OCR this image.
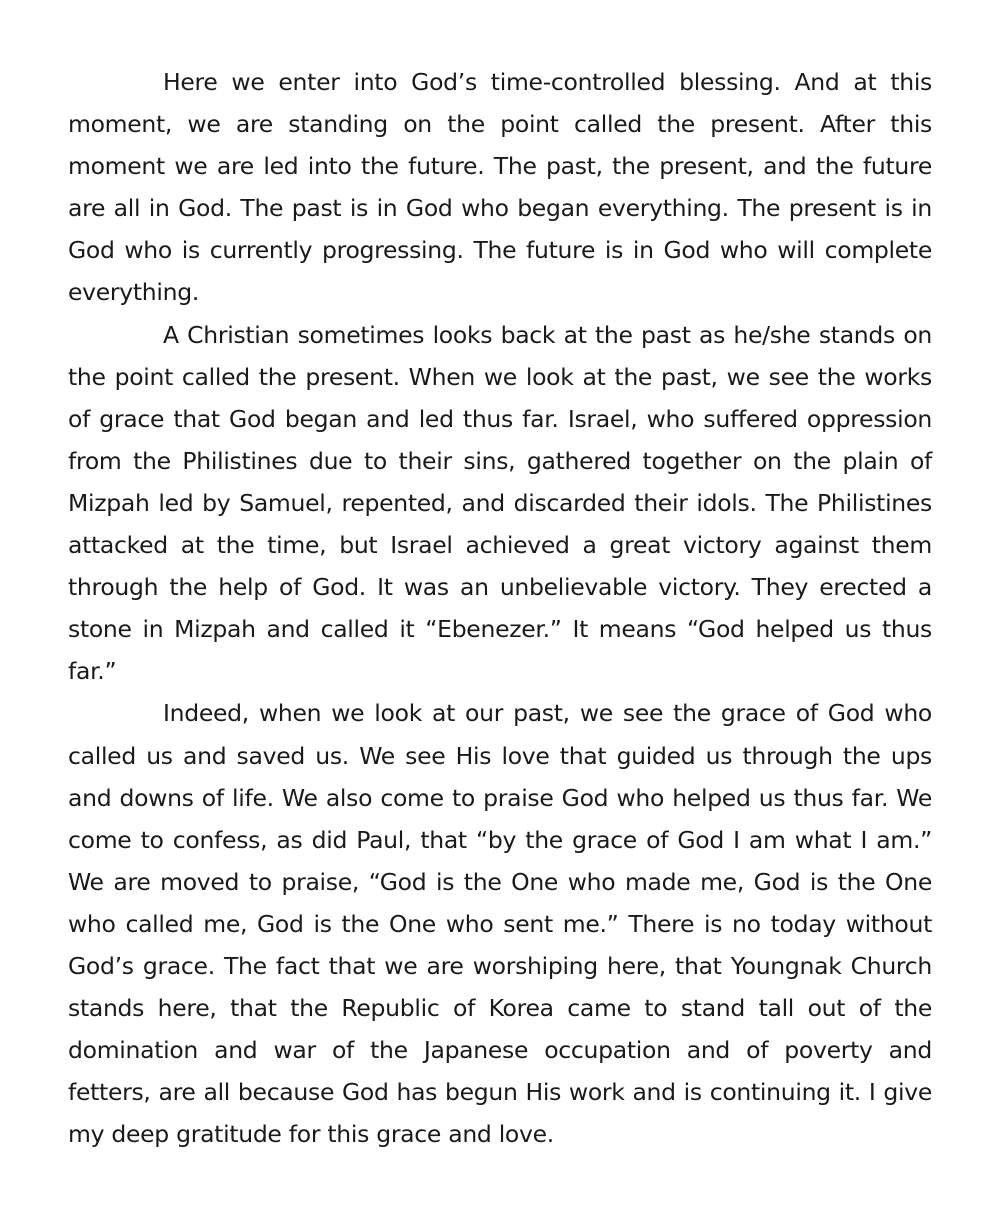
Here we enter into God’s time-controlled blessing. And at this moment, we are standing on the point called the present. After this moment we are led into the future. The past, the present, and the future are all in God. The past is in God who began everything. The present is in God who is currently progressing. The future is in God who will complete everything.

A Christian sometimes looks back at the past as he/she stands on the point called the present. When we look at the past, we see the works of grace that God began and led thus far. Israel, who suffered oppression from the Philistines due to their sins, gathered together on the plain of Mizpah led by Samuel, repented, and discarded their idols. The Philistines attacked at the time, but Israel achieved a great victory against them through the help of God. It was an unbelievable victory. They erected a stone in Mizpah and called it “Ebenezer.” It means “God helped us thus far.”

Indeed, when we look at our past, we see the grace of God who called us and saved us. We see His love that guided us through the ups and downs of life. We also come to praise God who helped us thus far. We come to confess, as did Paul, that “by the grace of God I am what I am.” We are moved to praise, “God is the One who made me, God is the One who called me, God is the One who sent me.” There is no today without God’s grace. The fact that we are worshiping here, that Youngnak Church stands here, that the Republic of Korea came to stand tall out of the domination and war of the Japanese occupation and of poverty and fetters, are all because God has begun His work and is continuing it. I give my deep gratitude for this grace and love.
